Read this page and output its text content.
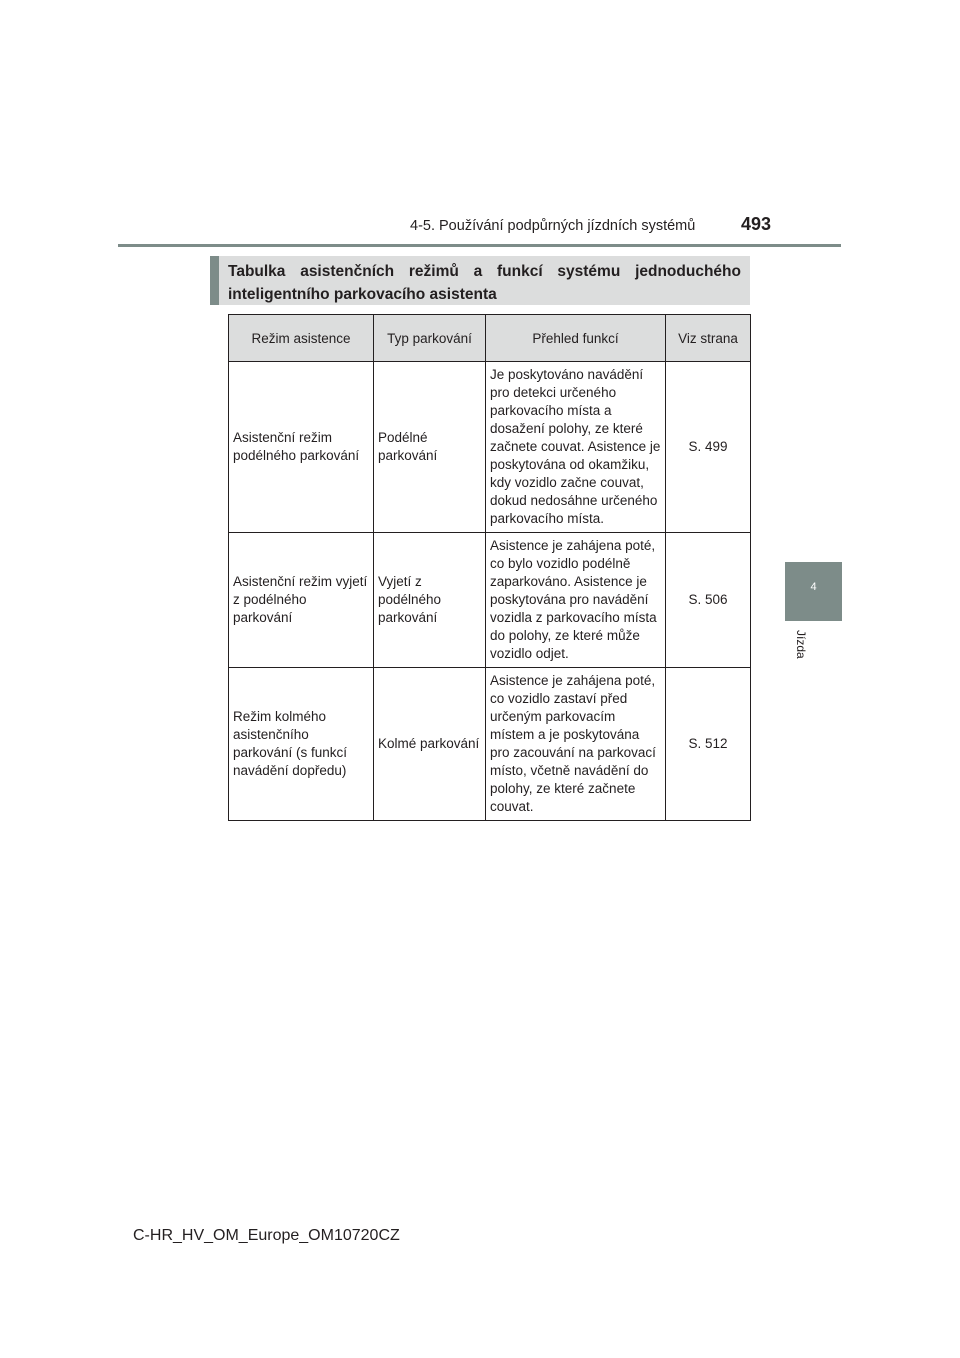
4-5. Používání podpůrných jízdních systémů	493
4
Jízda
Tabulka asistenčních režimů a funkcí systému jednoduchého
inteligentního parkovacího asistenta
Režim asistence	Typ parkování	Přehled funkcí	Viz strana
Asistenční režim podélného parkování	Podélné parkování	Je poskytováno navádění pro detekci určeného parkovacího místa a dosažení polohy, ze které začnete couvat. Asistence je poskytována od okamžiku, kdy vozidlo začne couvat, dokud nedosáhne určeného parkovacího místa.	S. 499
Asistenční režim vyjetí z podélného parkování	Vyjetí z podélného parkování	Asistence je zahájena poté, co bylo vozidlo podélně zaparkováno. Asistence je poskytována pro navádění vozidla z parkovacího místa do polohy, ze které může vozidlo odjet.	S. 506
Režim kolmého asistenčního parkování (s funkcí navádění dopředu)	Kolmé parkování	Asistence je zahájena poté, co vozidlo zastaví před určeným parkovacím místem a je poskytována pro zacouvání na parkovací místo, včetně navádění do polohy, ze které začnete couvat.	S. 512
C-HR_HV_OM_Europe_OM10720CZ
